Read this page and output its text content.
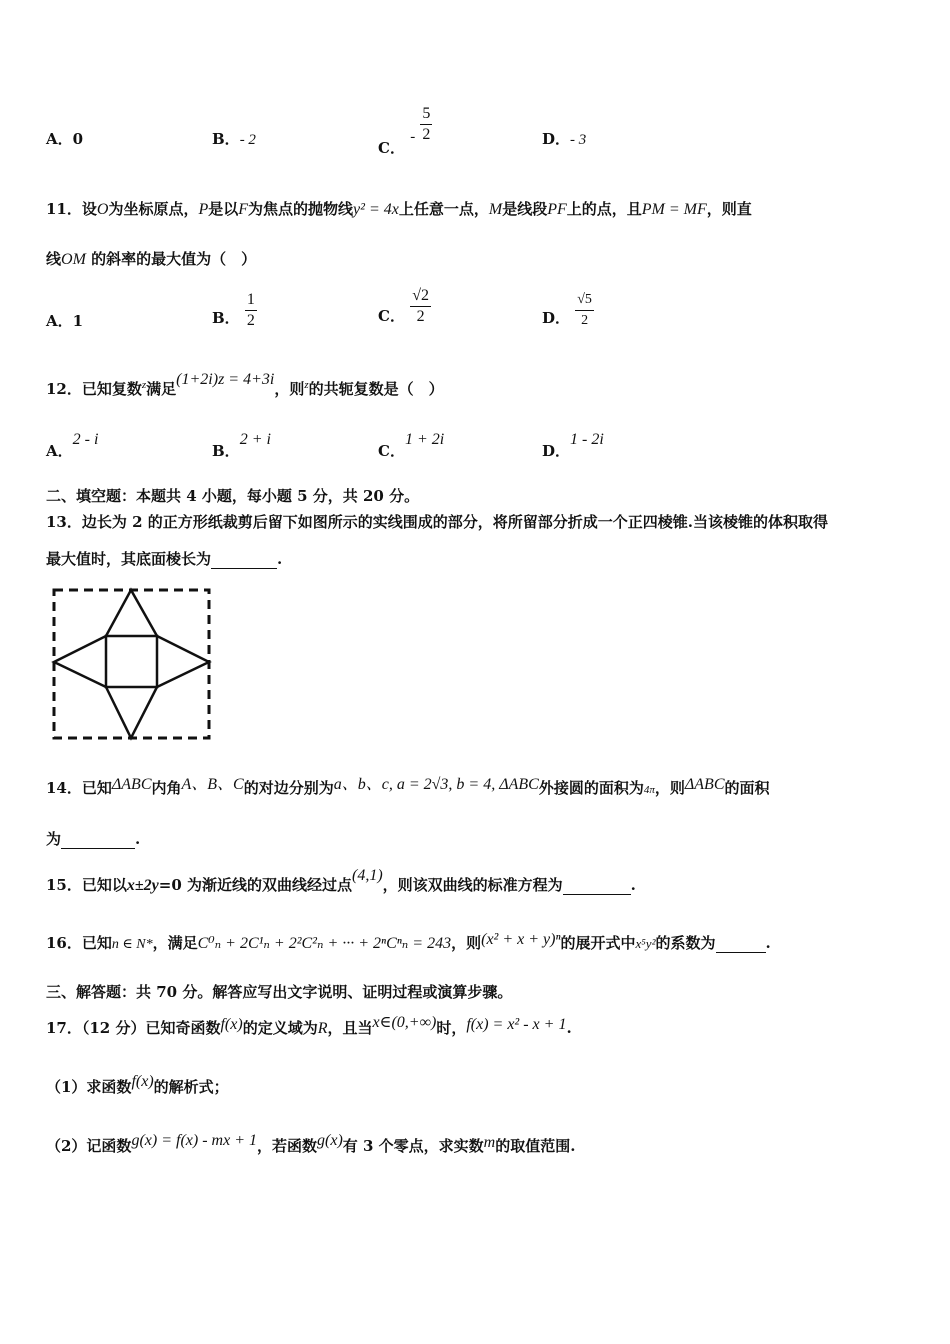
A．0	B．- 2	C． - $\frac{5}{2}$	D．- 3
11．设O为坐标原点，P是以F为焦点的抛物线y² = 4x上任意一点，M是线段PF上的点，且PM = MF，则直
线OM 的斜率的最大值为（　）
A．1	B． $\frac{1}{2}$	C． $\frac{√2}{2}$	D． $\frac{√5}{2}$
12．已知复数$^z$满足(1+2i)z = 4+3i，则$^z$的共轭复数是（　）
A．2 - i
B．2 + i
C．1 + 2i
D．1 - 2i
二、填空题：本题共 4 小题，每小题 5 分，共 20 分。
13．边长为 2 的正方形纸裁剪后留下如图所示的实线围成的部分，将所留部分折成一个正四棱锥.当该棱锥的体积取得
最大值时，其底面棱长为	.
14．已知ΔABC内角A、B、C的对边分别为a、b、c, a = 2√3, b = 4, ΔABC外接圆的面积为4π，则ΔABC的面积
为	.
15．已知以x±2y=0 为渐近线的双曲线经过点(4,1)，则该双曲线的标准方程为	.
16．已知n ∈ N*，满足C⁰ₙ + 2C¹ₙ + 2²C²ₙ + ··· + 2ⁿCⁿₙ = 243，则(x² + x + y)ⁿ的展开式中x⁵y²的系数为	.
三、解答题：共 70 分。解答应写出文字说明、证明过程或演算步骤。
17．（12 分）已知奇函数f(x)的定义域为R，且当x∈(0,+∞)时，f(x) = x² - x + 1.
（1）求函数f(x)的解析式；
（2）记函数g(x) = f(x) - mx + 1，若函数g(x)有 3 个零点，求实数m的取值范围.
